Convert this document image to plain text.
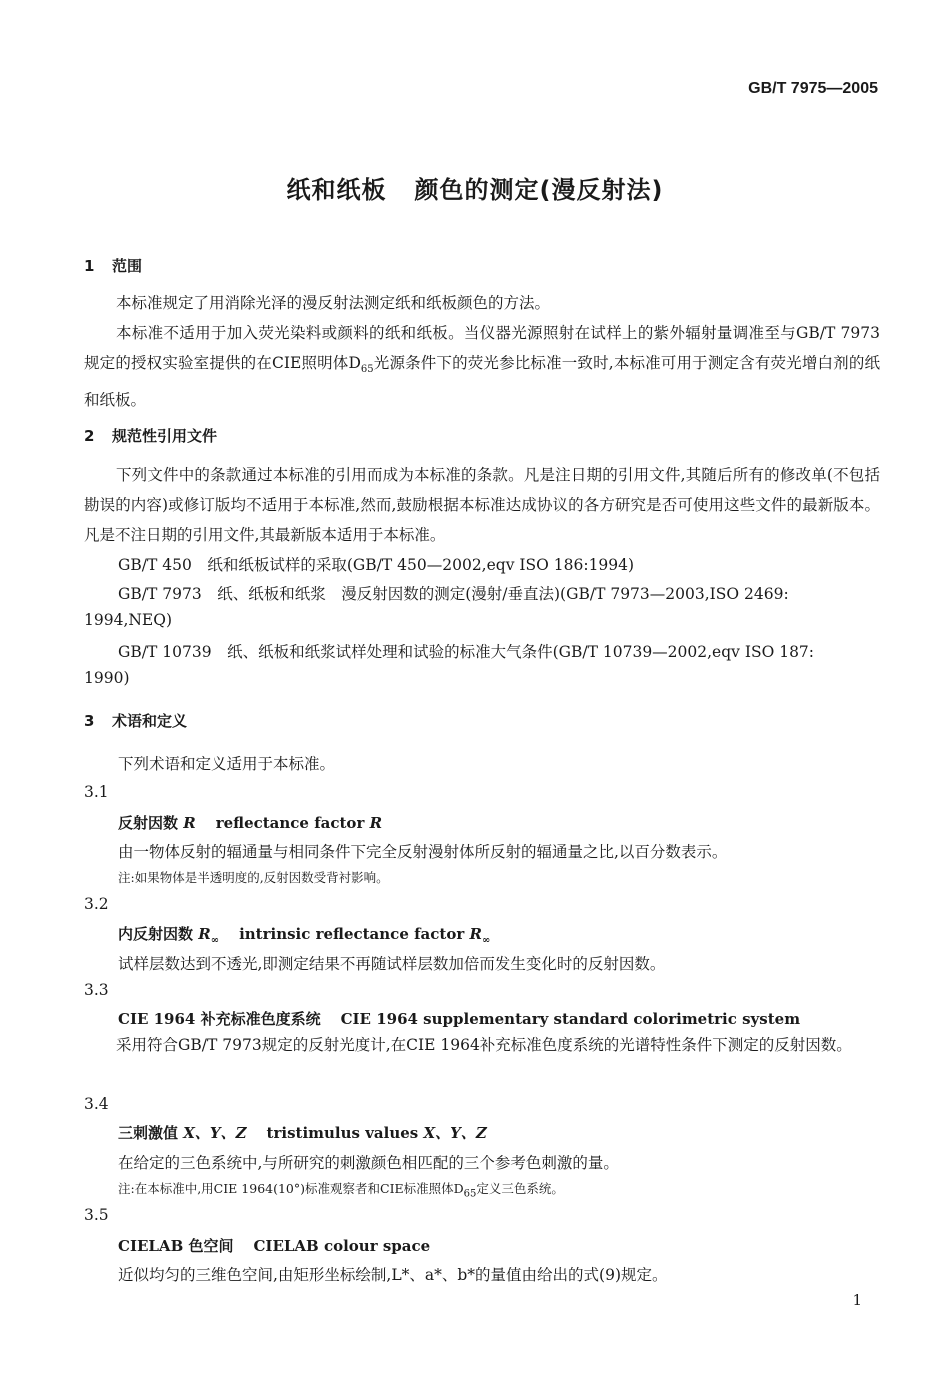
GB/T 7975—2005
纸和纸板 颜色的测定(漫反射法)
1 范围
本标准规定了用消除光泽的漫反射法测定纸和纸板颜色的方法。
本标准不适用于加入荧光染料或颜料的纸和纸板。当仪器光源照射在试样上的紫外辐射量调准至与GB/T 7973规定的授权实验室提供的在CIE照明体$D_{65}$光源条件下的荧光参比标准一致时,本标准可用于测定含有荧光增白剂的纸和纸板。
2 规范性引用文件
下列文件中的条款通过本标准的引用而成为本标准的条款。凡是注日期的引用文件,其随后所有的修改单(不包括勘误的内容)或修订版均不适用于本标准,然而,鼓励根据本标准达成协议的各方研究是否可使用这些文件的最新版本。凡是不注日期的引用文件,其最新版本适用于本标准。
GB/T 450　纸和纸板试样的采取(GB/T 450—2002,eqv ISO 186:1994)
GB/T 7973　纸、纸板和纸浆　漫反射因数的测定(漫射/垂直法)(GB/T 7973—2003,ISO 2469:
1994,NEQ)
GB/T 10739　纸、纸板和纸浆试样处理和试验的标准大气条件(GB/T 10739—2002,eqv ISO 187:
1990)
3 术语和定义
下列术语和定义适用于本标准。
3.1
反射因数 R reflectance factor R
由一物体反射的辐通量与相同条件下完全反射漫射体所反射的辐通量之比,以百分数表示。
注:如果物体是半透明度的,反射因数受背衬影响。
3.2
内反射因数 $R_\infty$ intrinsic reflectance factor $R_\infty$
试样层数达到不透光,即测定结果不再随试样层数加倍而发生变化时的反射因数。
3.3
CIE 1964 补充标准色度系统 CIE 1964 supplementary standard colorimetric system
采用符合GB/T 7973规定的反射光度计,在CIE 1964补充标准色度系统的光谱特性条件下测定的反射因数。
3.4
三刺激值 X、Y、Z tristimulus values X、Y、Z
在给定的三色系统中,与所研究的刺激颜色相匹配的三个参考色刺激的量。
注:在本标准中,用CIE 1964(10°)标准观察者和CIE标准照体$D_{65}$定义三色系统。
3.5
CIELAB 色空间 CIELAB colour space
近似均匀的三维色空间,由矩形坐标绘制,L*、a*、b*的量值由给出的式(9)规定。
1
